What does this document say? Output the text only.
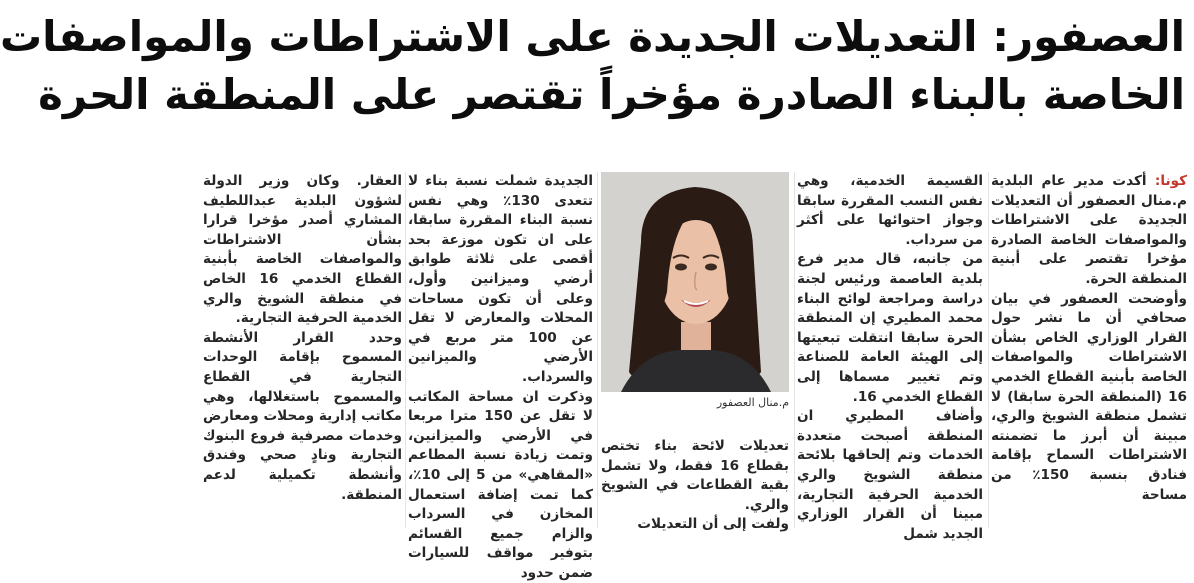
العصفور: التعديلات الجديدة على الاشتراطات والمواصفات
الخاصة بالبناء الصادرة مؤخراً تقتصر على المنطقة الحرة

كونا: أكدت مدير عام البلدية م.منال العصفور أن التعديلات الجديدة على الاشتراطات والمواصفات الخاصة الصادرة مؤخرا تقتصر على أبنية المنطقة الحرة.

وأوضحت العصفور في بيان صحافي أن ما نشر حول القرار الوزاري الخاص بشأن الاشتراطات والمواصفات الخاصة بأبنية القطاع الخدمي 16 (المنطقة الحرة سابقا) لا تشمل منطقة الشويخ والري، مبينة أن أبرز ما تضمنته الاشتراطات السماح بإقامة فنادق بنسبة 150٪ من مساحة

القسيمة الخدمية، وهي نفس النسب المقررة سابقا وجواز احتوائها على أكثر من سرداب.

من جانبه، قال مدير فرع بلدية العاصمة ورئيس لجنة دراسة ومراجعة لوائح البناء محمد المطيري إن المنطقة الحرة سابقا انتقلت تبعيتها إلى الهيئة العامة للصناعة وتم تغيير مسماها إلى القطاع الخدمي 16.

وأضاف المطيري ان المنطقة أصبحت متعددة الخدمات وتم إلحاقها بلائحة منطقة الشويخ والري الخدمية الحرفية التجارية، مبينا أن القرار الوزاري الجديد شمل

م.منال العصفور

تعديلات لائحة بناء تختص بقطاع 16 فقط، ولا تشمل بقية القطاعات في الشويخ والري.

ولفت إلى أن التعديلات

الجديدة شملت نسبة بناء لا تتعدى 130٪ وهي نفس نسبة البناء المقررة سابقا، على ان تكون موزعة بحد أقصى على ثلاثة طوابق أرضي وميزانين وأول، وعلى أن تكون مساحات المحلات والمعارض لا تقل عن 100 متر مربع في الأرضي والميزانين والسرداب.

وذكرت ان مساحة المكاتب لا تقل عن 150 مترا مربعا في الأرضي والميزانين، وتمت زيادة نسبة المطاعم «المقاهي» من 5 إلى 10٪، كما تمت إضافة استعمال المخازن في السرداب والزام جميع القسائم بتوفير مواقف للسيارات ضمن حدود

العقار. وكان وزير الدولة لشؤون البلدية عبداللطيف المشاري أصدر مؤخرا قرارا بشأن الاشتراطات والمواصفات الخاصة بأبنية القطاع الخدمي 16 الخاص في منطقة الشويخ والري الخدمية الحرفية التجارية.

وحدد القرار الأنشطة المسموح بإقامة الوحدات التجارية في القطاع والمسموح باستغلالها، وهي مكاتب إدارية ومحلات ومعارض وخدمات مصرفية فروع البنوك التجارية ونادٍ صحي وفندق وأنشطة تكميلية لدعم المنطقة.
